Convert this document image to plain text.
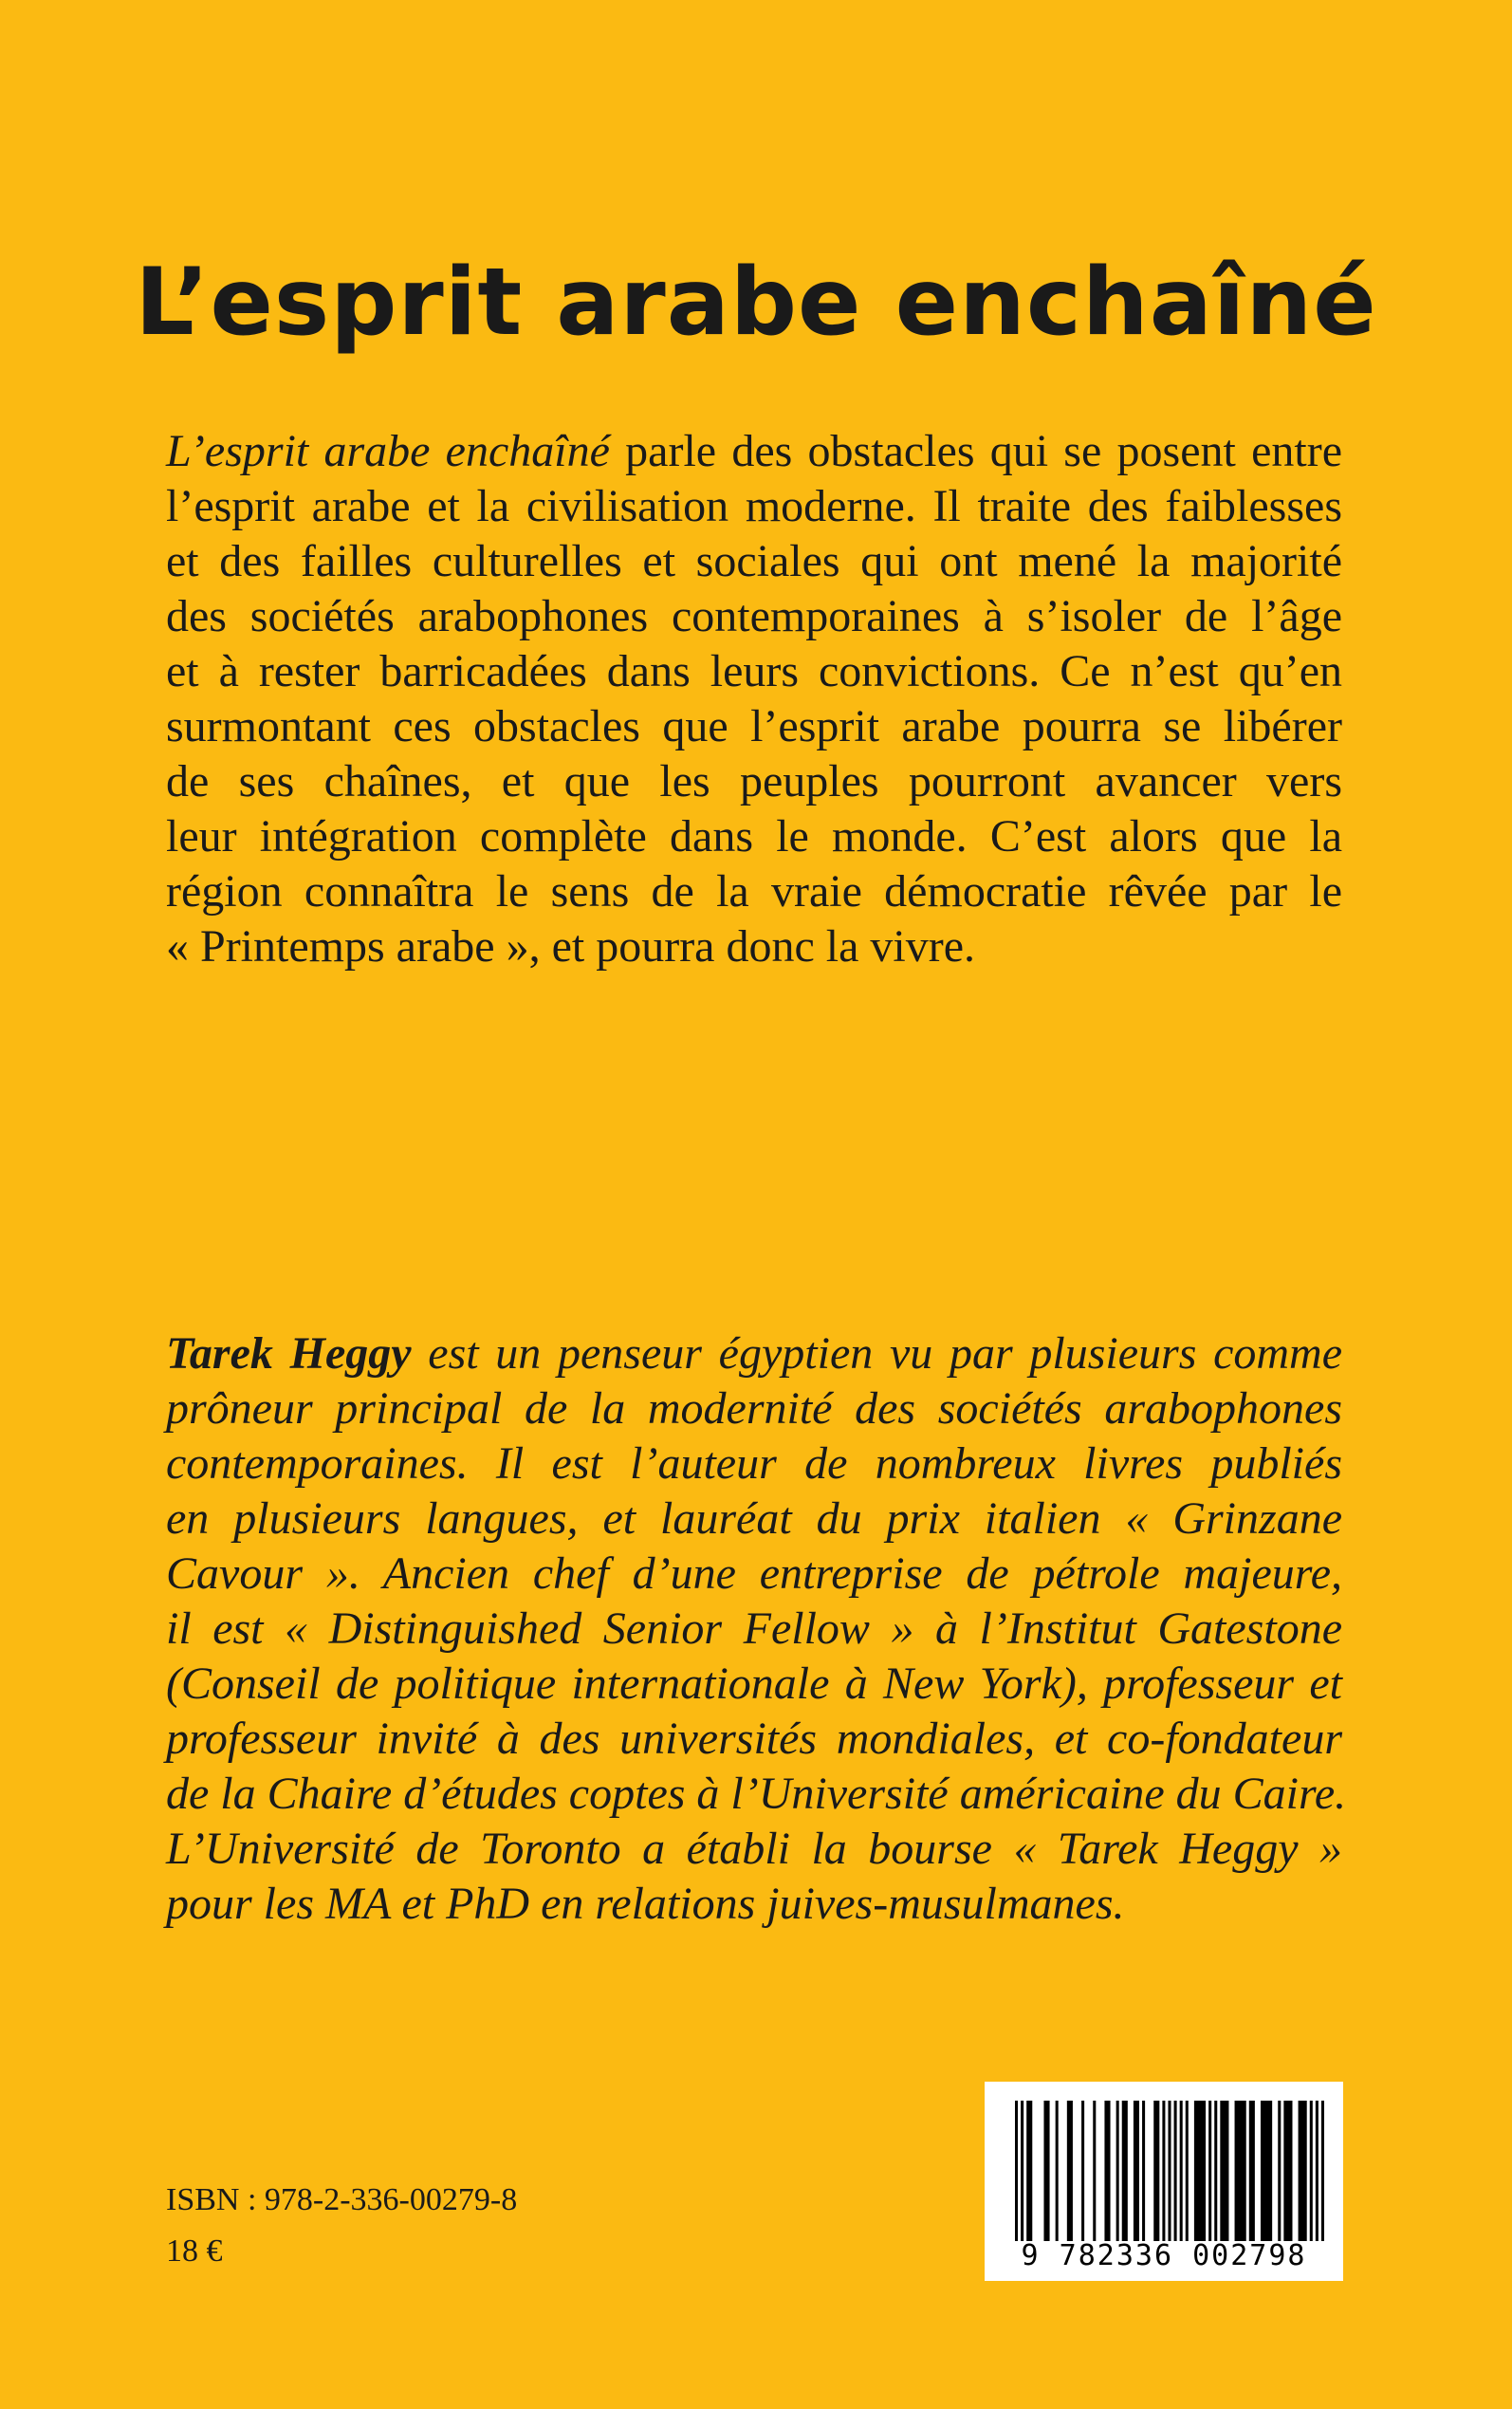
L’esprit arabe enchaîné
L’esprit arabe enchaîné parle des obstacles qui se posent entre
l’esprit arabe et la civilisation moderne. Il traite des faiblesses
et des failles culturelles et sociales qui ont mené la majorité
des sociétés arabophones contemporaines à s’isoler de l’âge
et à rester barricadées dans leurs convictions. Ce n’est qu’en
surmontant ces obstacles que l’esprit arabe pourra se libérer
de ses chaînes, et que les peuples pourront avancer vers
leur intégration complète dans le monde. C’est alors que la
région connaîtra le sens de la vraie démocratie rêvée par le
« Printemps arabe », et pourra donc la vivre.
Tarek Heggy est un penseur égyptien vu par plusieurs comme
prôneur principal de la modernité des sociétés arabophones
contemporaines. Il est l’auteur de nombreux livres publiés
en plusieurs langues, et lauréat du prix italien « Grinzane
Cavour ». Ancien chef d’une entreprise de pétrole majeure,
il est « Distinguished Senior Fellow » à l’Institut Gatestone
(Conseil de politique internationale à New York), professeur et
professeur invité à des universités mondiales, et co-fondateur
de la Chaire d’études coptes à l’Université américaine du Caire.
L’Université de Toronto a établi la bourse « Tarek Heggy »
pour les MA et PhD en relations juives-musulmanes.
ISBN : 978-2-336-00279-8
18 €	9 782336 002798
